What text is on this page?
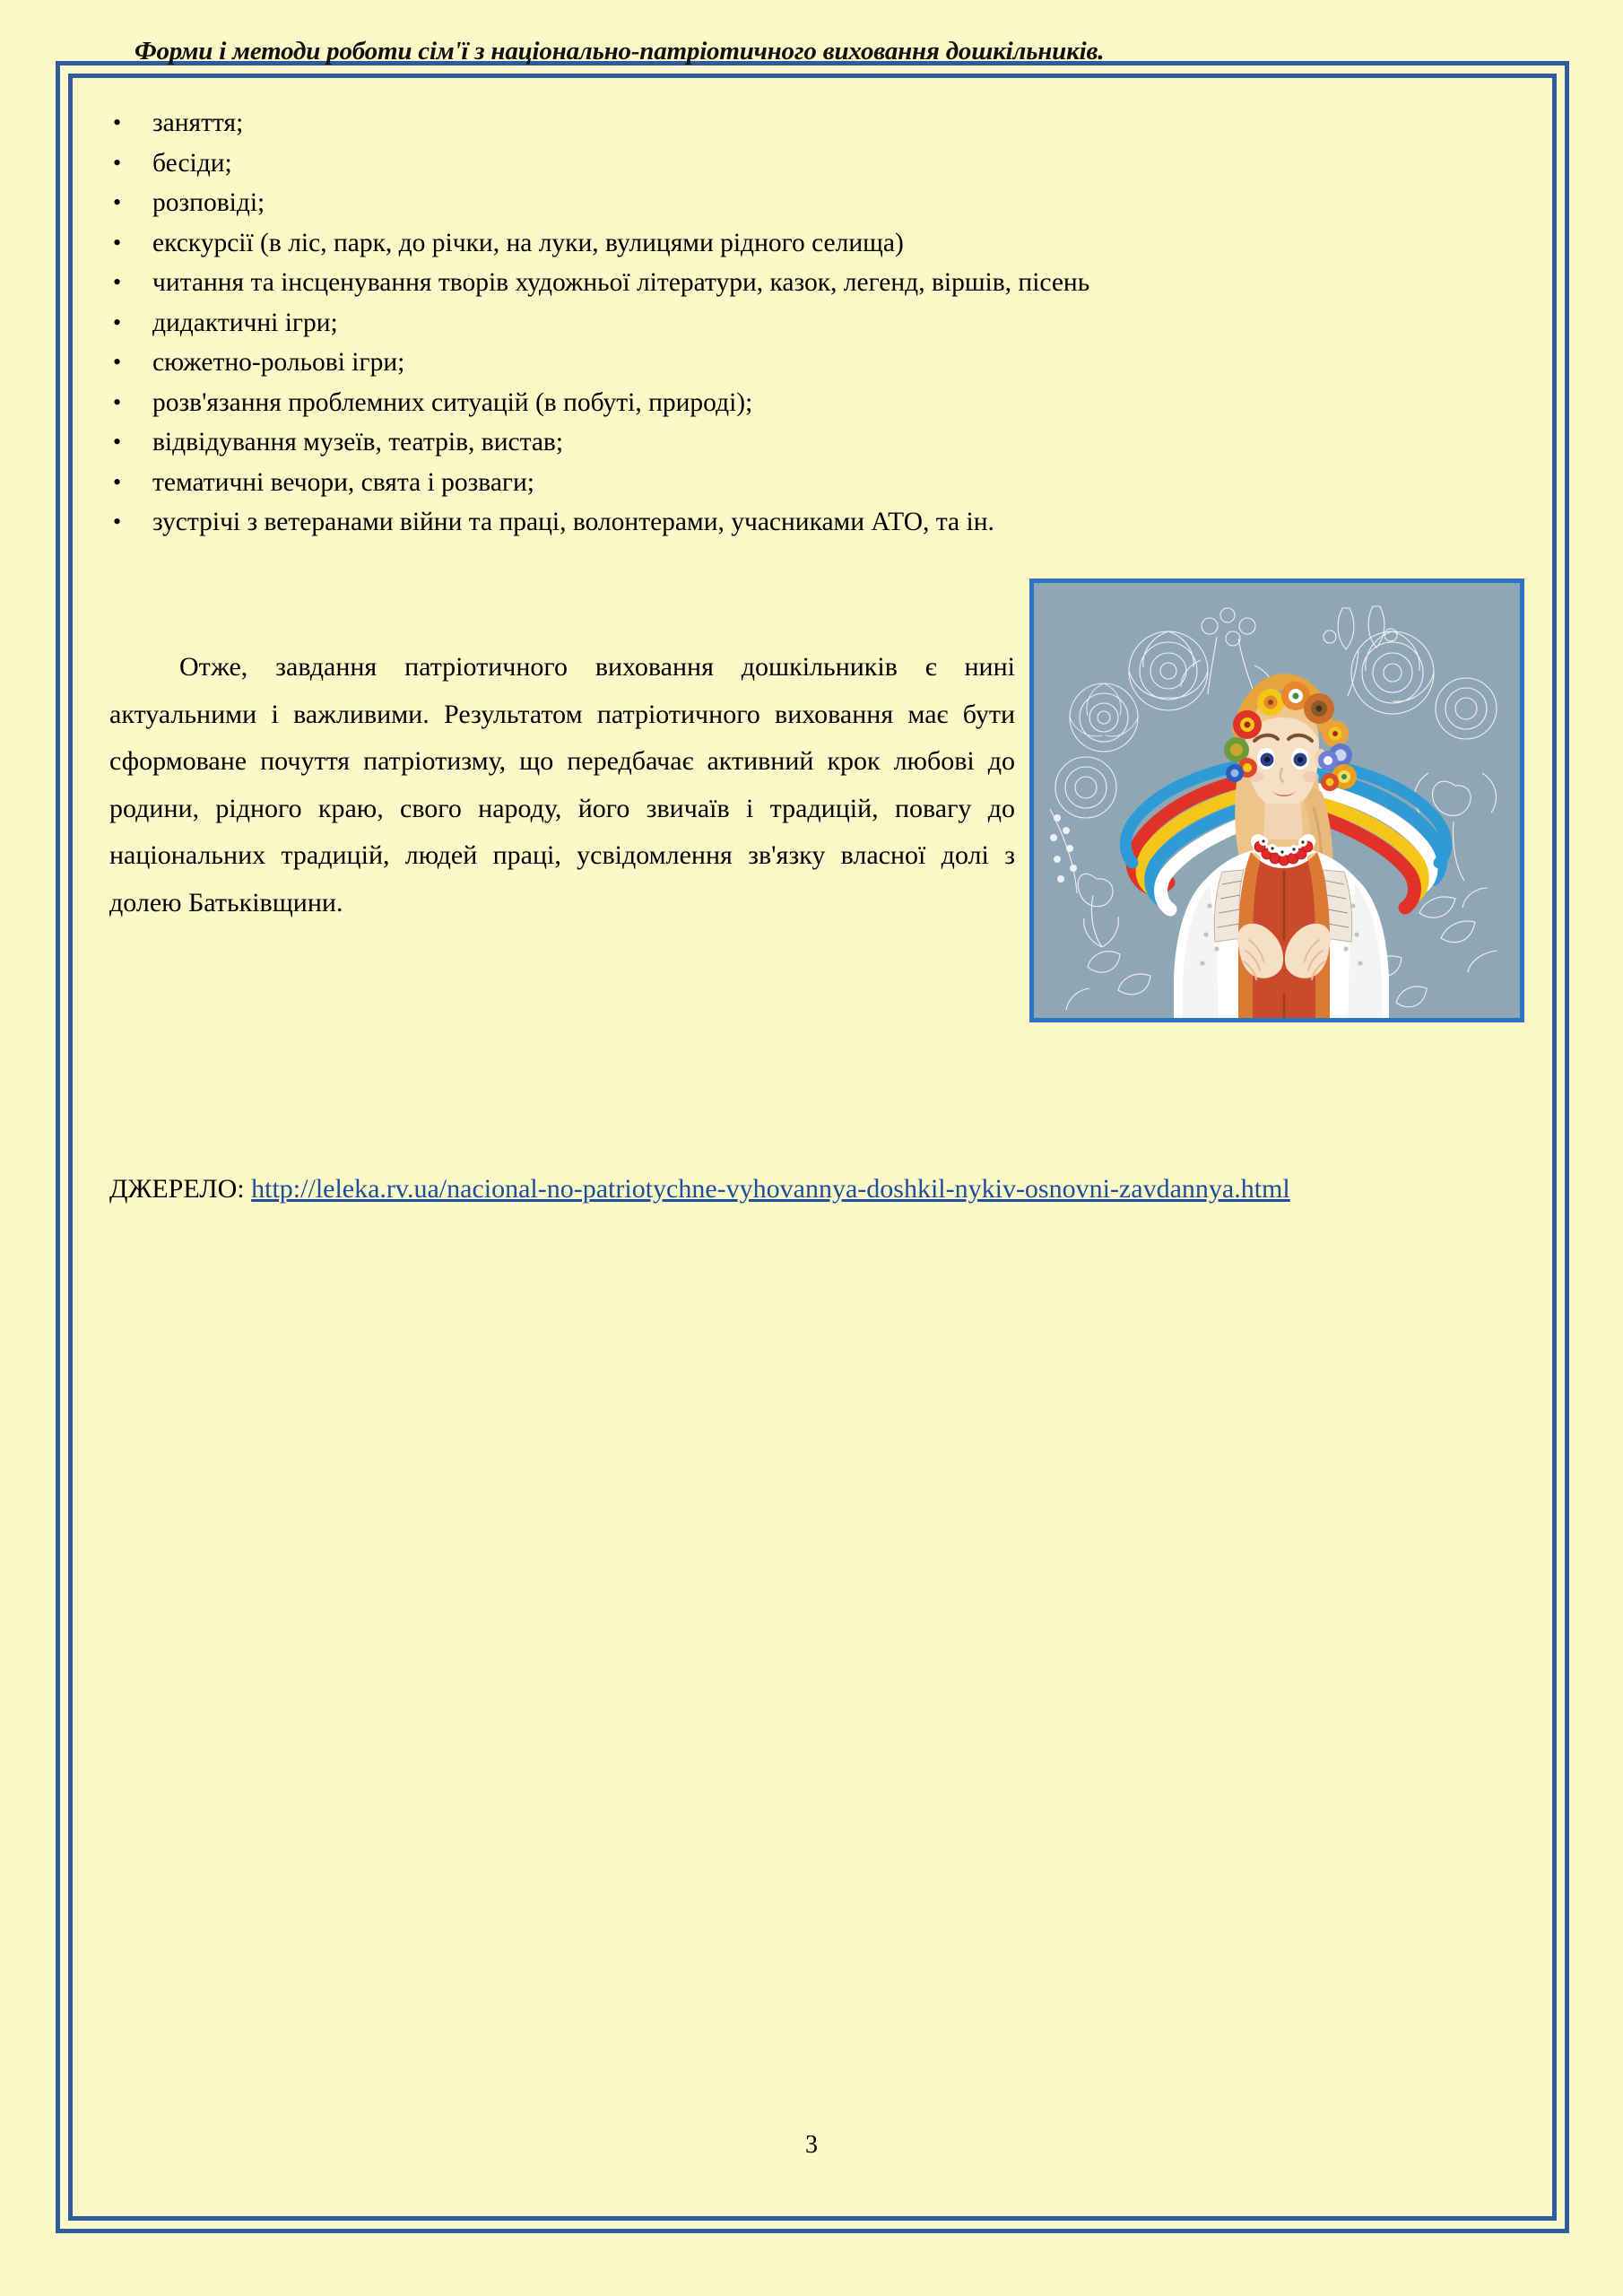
Форми і методи роботи сім'ї з національно-патріотичного виховання дошкільників.
• заняття;
• бесіди;
• розповіді;
• екскурсії (в ліс, парк, до річки, на луки, вулицями рідного селища)
• читання та інсценування творів художньої літератури, казок, легенд, віршів, пісень
• дидактичні ігри;
• сюжетно-рольові ігри;
• розв'язання проблемних ситуацій (в побуті, природі);
• відвідування музеїв, театрів, вистав;
• тематичні вечори, свята і розваги;
• зустрічі з ветеранами війни та праці, волонтерами, учасниками АТО, та ін.
Отже, завдання патріотичного виховання дошкільників є нині актуальними і важливими. Результатом патріотичного виховання має бути сформоване почуття патріотизму, що передбачає активний крок любові до родини, рідного краю, свого народу, його звичаїв і традицій, повагу до національних традицій, людей праці, усвідомлення зв'язку власної долі з долею Батьківщини.
ДЖЕРЕЛО: http://leleka.rv.ua/nacional-no-patriotychne-vyhovannya-doshkil-nykiv-osnovni-zavdannya.html
3
